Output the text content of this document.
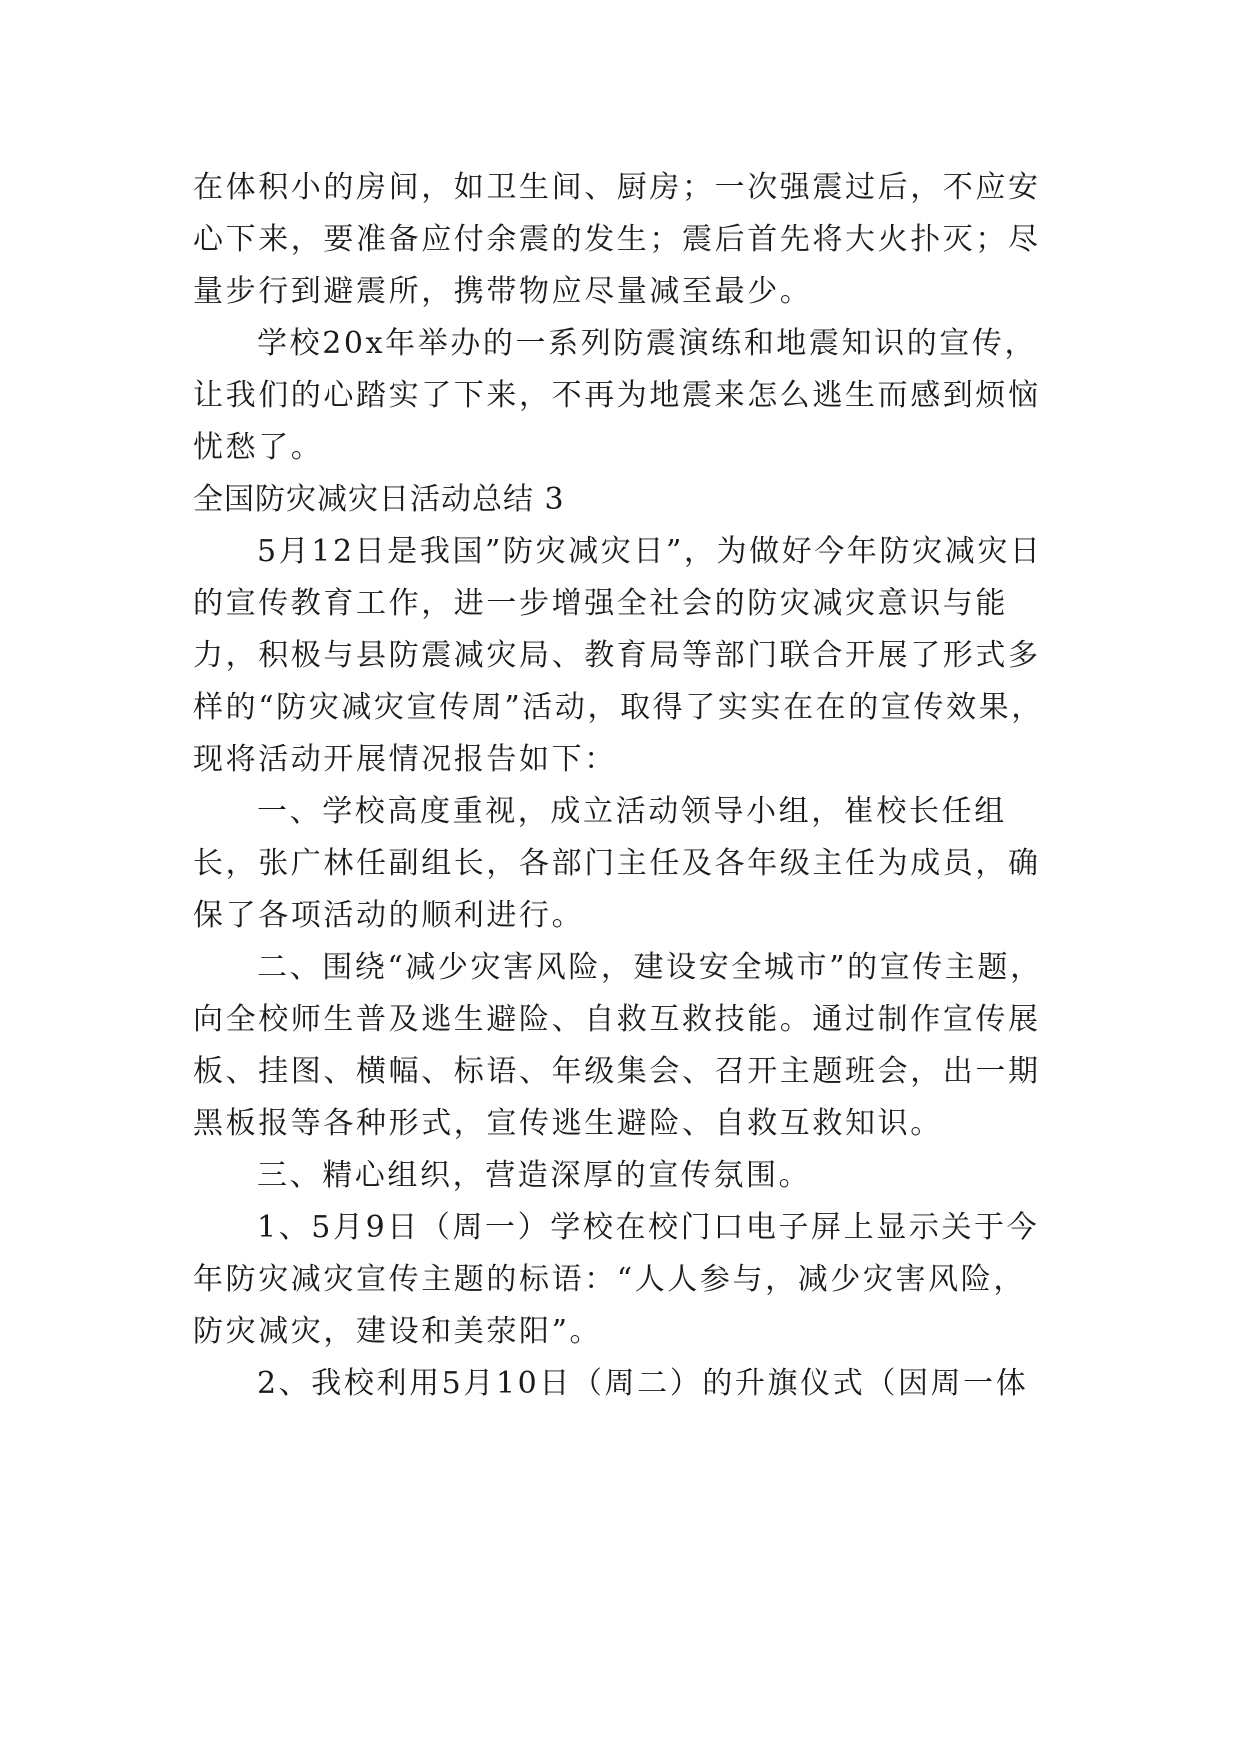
在体积小的房间，如卫生间、厨房；一次强震过后，不应安心下来，要准备应付余震的发生；震后首先将大火扑灭；尽量步行到避震所，携带物应尽量减至最少。

学校20x年举办的一系列防震演练和地震知识的宣传，让我们的心踏实了下来，不再为地震来怎么逃生而感到烦恼忧愁了。

全国防灾减灾日活动总结 3

5月12日是我国”防灾减灾日”，为做好今年防灾减灾日的宣传教育工作，进一步增强全社会的防灾减灾意识与能力，积极与县防震减灾局、教育局等部门联合开展了形式多样的“防灾减灾宣传周”活动，取得了实实在在的宣传效果，现将活动开展情况报告如下：

一、学校高度重视，成立活动领导小组，崔校长任组长，张广林任副组长，各部门主任及各年级主任为成员，确保了各项活动的顺利进行。

二、围绕“减少灾害风险，建设安全城市”的宣传主题，向全校师生普及逃生避险、自救互救技能。通过制作宣传展板、挂图、横幅、标语、年级集会、召开主题班会，出一期黑板报等各种形式，宣传逃生避险、自救互救知识。

三、精心组织，营造深厚的宣传氛围。

1、5月9日（周一）学校在校门口电子屏上显示关于今年防灾减灾宣传主题的标语：“人人参与，减少灾害风险，防灾减灾，建设和美荥阳”。

2、我校利用5月10日（周二）的升旗仪式（因周一体
